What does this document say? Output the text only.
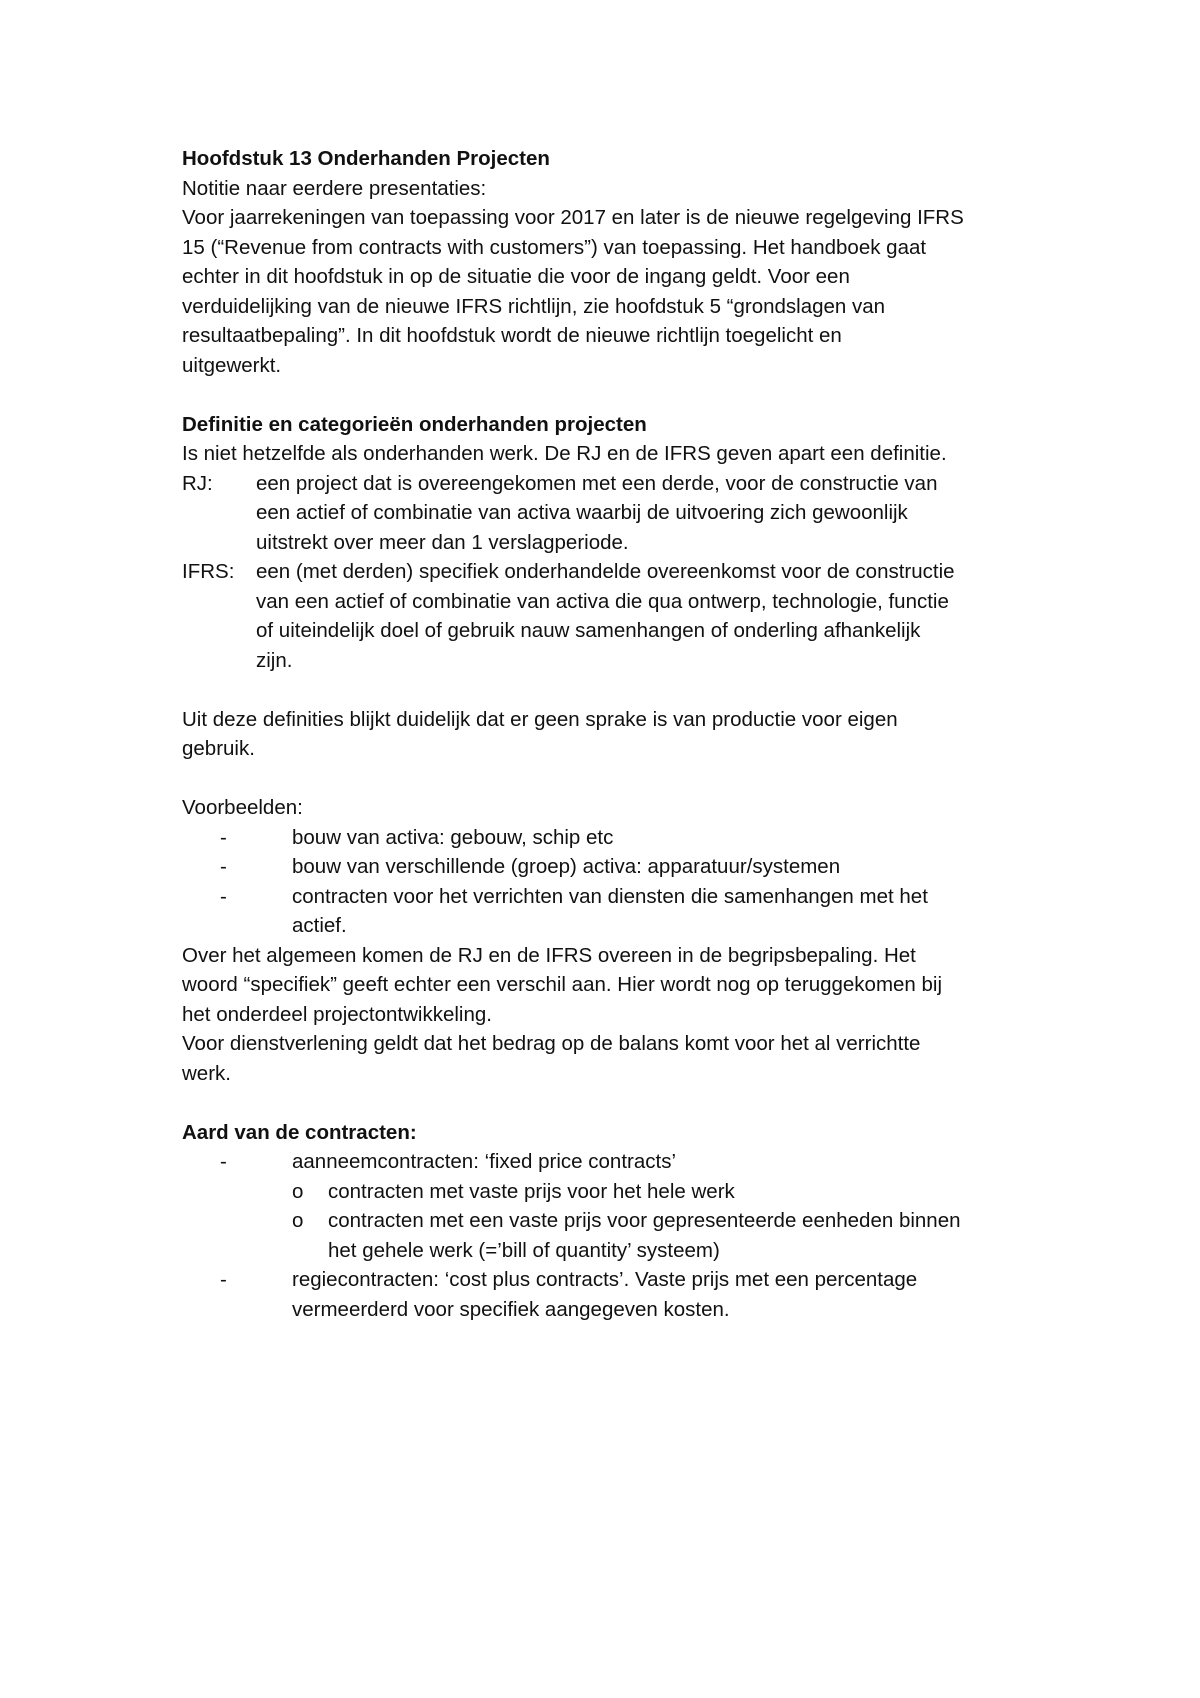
Hoofdstuk 13 Onderhanden Projecten
Notitie naar eerdere presentaties:
Voor jaarrekeningen van toepassing voor 2017 en later is de nieuwe regelgeving IFRS
15 (“Revenue from contracts with customers”) van toepassing. Het handboek gaat
echter in dit hoofdstuk in op de situatie die voor de ingang geldt. Voor een
verduidelijking van de nieuwe IFRS richtlijn, zie hoofdstuk 5 “grondslagen van
resultaatbepaling”. In dit hoofdstuk wordt de nieuwe richtlijn toegelicht en
uitgewerkt.
Definitie en categorieën onderhanden projecten
Is niet hetzelfde als onderhanden werk. De RJ en de IFRS geven apart een definitie.
RJ:	een project dat is overeengekomen met een derde, voor de constructie van
een actief of combinatie van activa waarbij de uitvoering zich gewoonlijk
uitstrekt over meer dan 1 verslagperiode.
IFRS:	een (met derden) specifiek onderhandelde overeenkomst voor de constructie
van een actief of combinatie van activa die qua ontwerp, technologie, functie
of uiteindelijk doel of gebruik nauw samenhangen of onderling afhankelijk
zijn.
Uit deze definities blijkt duidelijk dat er geen sprake is van productie voor eigen
gebruik.
Voorbeelden:
-	bouw van activa: gebouw, schip etc
-	bouw van verschillende (groep) activa: apparatuur/systemen
-	contracten voor het verrichten van diensten die samenhangen met het
actief.
Over het algemeen komen de RJ en de IFRS overeen in de begripsbepaling. Het
woord “specifiek” geeft echter een verschil aan. Hier wordt nog op teruggekomen bij
het onderdeel projectontwikkeling.
Voor dienstverlening geldt dat het bedrag op de balans komt voor het al verrichtte
werk.
Aard van de contracten:
-	aanneemcontracten: ‘fixed price contracts’
o	contracten met vaste prijs voor het hele werk
o	contracten met een vaste prijs voor gepresenteerde eenheden binnen
het gehele werk (=’bill of quantity’ systeem)
-	regiecontracten: ‘cost plus contracts’. Vaste prijs met een percentage
vermeerderd voor specifiek aangegeven kosten.
